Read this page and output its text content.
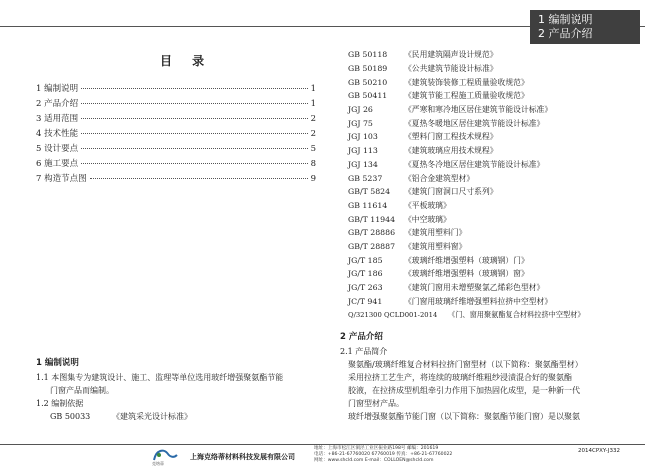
1 编制说明
2 产品介绍
目 录
1 编制说明	1
2 产品介绍	1
3 适用范围	2
4 技术性能	2
5 设计要点	5
6 施工要点	8
7 构造节点图	9
1 编制说明
1.1 本图集专为建筑设计、施工、监理等单位选用玻纤增强聚氨酯节能
门窗产品而编制。
1.2 编制依据
GB 50033	《建筑采光设计标准》
GB 50118	《民用建筑隔声设计规范》
GB 50189	《公共建筑节能设计标准》
GB 50210	《建筑装饰装修工程质量验收规范》
GB 50411	《建筑节能工程施工质量验收规范》
JGJ 26	《严寒和寒冷地区居住建筑节能设计标准》
JGJ 75	《夏热冬暖地区居住建筑节能设计标准》
JGJ 103	《塑料门窗工程技术规程》
JGJ 113	《建筑玻璃应用技术规程》
JGJ 134	《夏热冬冷地区居住建筑节能设计标准》
GB 5237	《铝合金建筑型材》
GB/T 5824	《建筑门窗洞口尺寸系列》
GB 11614	《平板玻璃》
GB/T 11944	《中空玻璃》
GB/T 28886	《建筑用塑料门》
GB/T 28887	《建筑用塑料窗》
JG/T 185	《玻璃纤维增强塑料（玻璃钢）门》
JG/T 186	《玻璃纤维增强塑料（玻璃钢）窗》
JG/T 263	《建筑门窗用未增塑聚氯乙烯彩色型材》
JC/T 941	《门窗用玻璃纤维增强塑料拉挤中空型材》
Q/321300 QCLD001-2014	《门、窗用聚氨酯复合材料拉挤中空型材》
2 产品介绍
2.1 产品简介
聚氨酯/玻璃纤维复合材料拉挤门窗型材（以下简称：聚氨酯型材）
采用拉挤工艺生产，将连续的玻璃纤维粗纱浸渍混合好的聚氨酯
胶液，在拉挤成型机组牵引力作用下加热固化成型，是一种新一代
门窗型材产品。
玻纤增强聚氨酯节能门窗（以下简称：聚氨酯节能门窗）是以聚氨
克络蒂
上海克络蒂材料科技发展有限公司
地址：上海市松江区洞泾工业区振业路198号 邮编：201619
电话：+86-21-67760020 67760019 传真：+86-21-67760022
网址：www.shcld.com E-mail：COLLOEN@shcld.com
2014CPXY-J332
